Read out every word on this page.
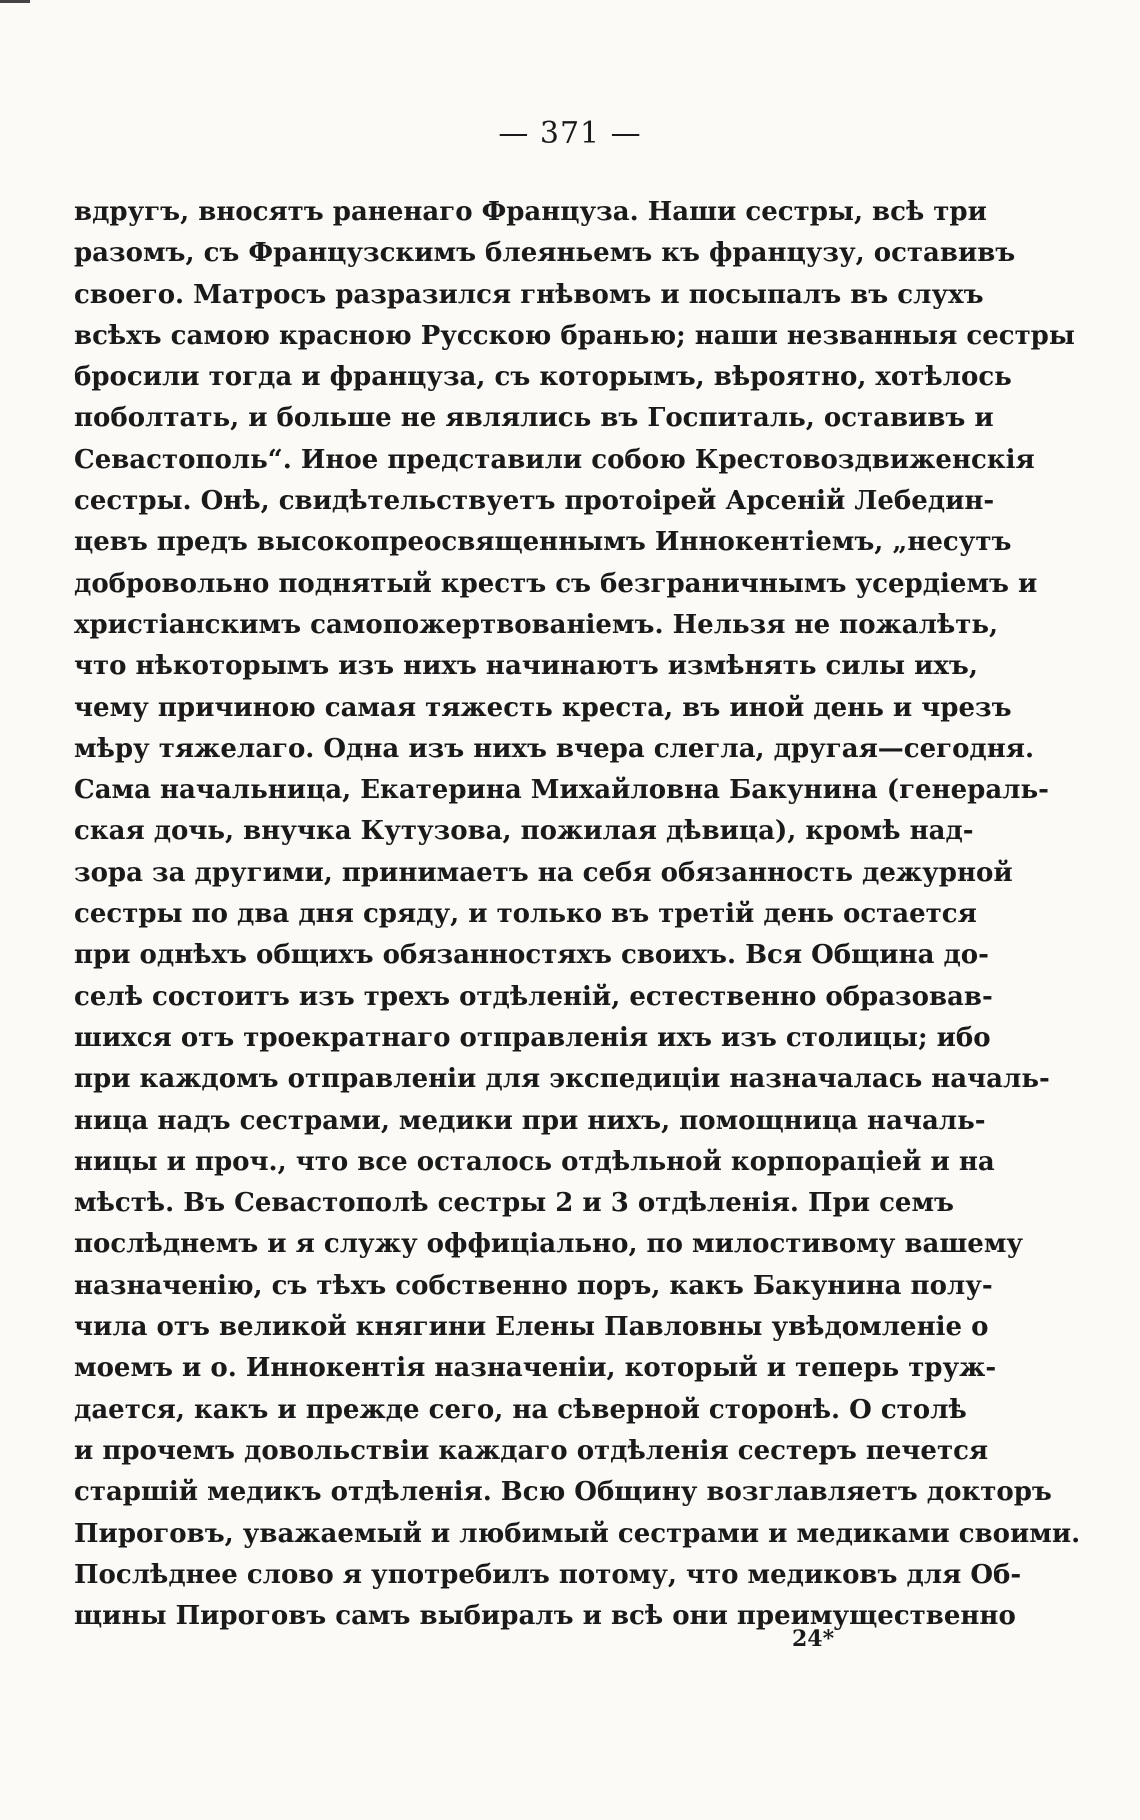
— 371 —
вдругъ, вносятъ раненаго Француза. Наши сестры, всѣ три
разомъ, съ Французскимъ блеяньемъ къ французу, оставивъ
своего. Матросъ разразился гнѣвомъ и посыпалъ въ слухъ
всѣхъ самою красною Русскою бранью; наши незванныя сестры
бросили тогда и француза, съ которымъ, вѣроятно, хотѣлось
поболтать, и больше не являлись въ Госпиталь, оставивъ и
Севастополь“. Иное представили собою Крестовоздвиженскія
сестры. Онѣ, свидѣтельствуетъ протоiрей Арсенiй Лебедин-
цевъ предъ высокопреосвященнымъ Иннокентiемъ, „несутъ
добровольно поднятый крестъ съ безграничнымъ усердiемъ и
христiанскимъ самопожертвованiемъ. Нельзя не пожалѣть,
что нѣкоторымъ изъ нихъ начинаютъ измѣнять силы ихъ,
чему причиною самая тяжесть креста, въ иной день и чрезъ
мѣру тяжелаго. Одна изъ нихъ вчера слегла, другая—сегодня.
Сама начальница, Екатерина Михайловна Бакунина (генераль-
ская дочь, внучка Кутузова, пожилая дѣвица), кромѣ над-
зора за другими, принимаетъ на себя обязанность дежурной
сестры по два дня сряду, и только въ третiй день остается
при однѣхъ общихъ обязанностяхъ своихъ. Вся Община до-
селѣ состоитъ изъ трехъ отдѣленiй, естественно образовав-
шихся отъ троекратнаго отправленiя ихъ изъ столицы; ибо
при каждомъ отправленiи для экспедицiи назначалась началь-
ница надъ сестрами, медики при нихъ, помощница началь-
ницы и проч., что все осталось отдѣльной корпорацiей и на
мѣстѣ. Въ Севастополѣ сестры 2 и 3 отдѣленiя. При семъ
послѣднемъ и я служу оффицiально, по милостивому вашему
назначенiю, съ тѣхъ собственно поръ, какъ Бакунина полу-
чила отъ великой княгини Елены Павловны увѣдомленiе о
моемъ и о. Иннокентiя назначенiи, который и теперь труж-
дается, какъ и прежде сего, на сѣверной сторонѣ. О столѣ
и прочемъ довольствiи каждаго отдѣленiя сестеръ печется
старшiй медикъ отдѣленiя. Всю Общину возглавляетъ докторъ
Пироговъ, уважаемый и любимый сестрами и медиками своими.
Послѣднее слово я употребилъ потому, что медиковъ для Об-
щины Пироговъ самъ выбиралъ и всѣ они преимущественно
24*
